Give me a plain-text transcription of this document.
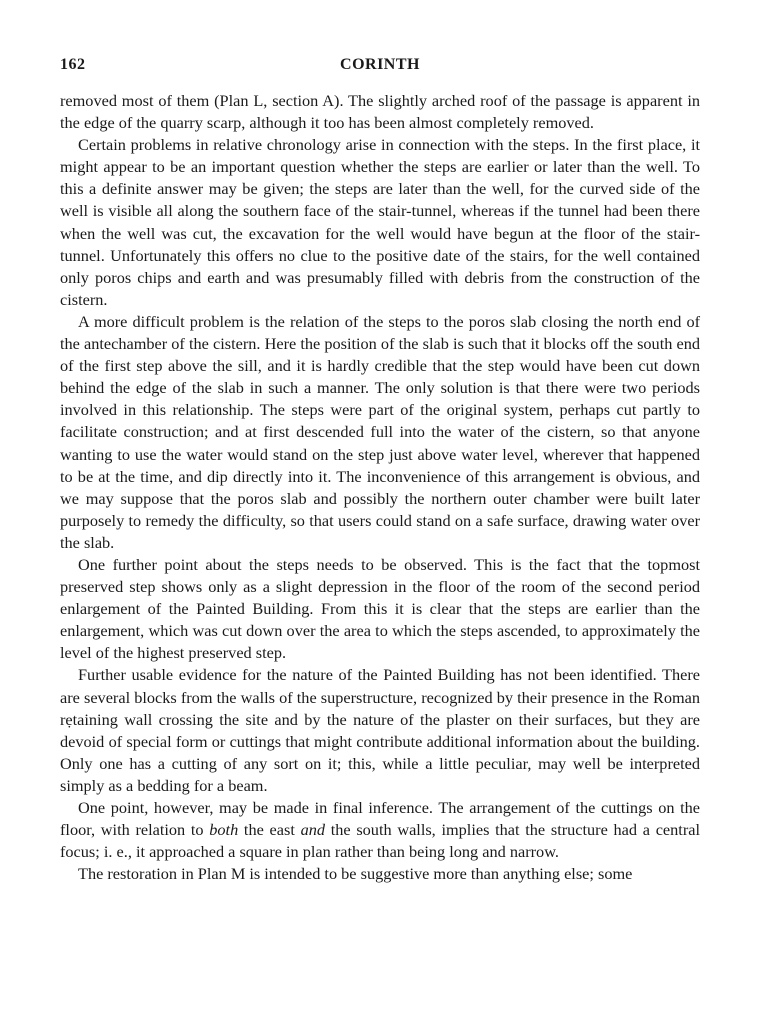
162	CORINTH

removed most of them (Plan L, section A). The slightly arched roof of the passage is apparent in the edge of the quarry scarp, although it too has been almost completely removed.

Certain problems in relative chronology arise in connection with the steps. In the first place, it might appear to be an important question whether the steps are earlier or later than the well. To this a definite answer may be given; the steps are later than the well, for the curved side of the well is visible all along the southern face of the stair-tunnel, whereas if the tunnel had been there when the well was cut, the excavation for the well would have begun at the floor of the stair-tunnel. Unfortunately this offers no clue to the positive date of the stairs, for the well contained only poros chips and earth and was presumably filled with debris from the construction of the cistern.

A more difficult problem is the relation of the steps to the poros slab closing the north end of the antechamber of the cistern. Here the position of the slab is such that it blocks off the south end of the first step above the sill, and it is hardly credible that the step would have been cut down behind the edge of the slab in such a manner. The only solution is that there were two periods involved in this relationship. The steps were part of the original system, perhaps cut partly to facilitate construction; and at first descended full into the water of the cistern, so that anyone wanting to use the water would stand on the step just above water level, wherever that happened to be at the time, and dip directly into it. The inconvenience of this arrangement is obvious, and we may suppose that the poros slab and possibly the northern outer chamber were built later purposely to remedy the difficulty, so that users could stand on a safe surface, drawing water over the slab.

One further point about the steps needs to be observed. This is the fact that the topmost preserved step shows only as a slight depression in the floor of the room of the second period enlargement of the Painted Building. From this it is clear that the steps are earlier than the enlargement, which was cut down over the area to which the steps ascended, to approximately the level of the highest preserved step.

Further usable evidence for the nature of the Painted Building has not been identified. There are several blocks from the walls of the superstructure, recognized by their presence in the Roman rẹtaining wall crossing the site and by the nature of the plaster on their surfaces, but they are devoid of special form or cuttings that might contribute additional information about the building. Only one has a cutting of any sort on it; this, while a little peculiar, may well be interpreted simply as a bedding for a beam.

One point, however, may be made in final inference. The arrangement of the cuttings on the floor, with relation to both the east and the south walls, implies that the structure had a central focus; i. e., it approached a square in plan rather than being long and narrow.

The restoration in Plan M is intended to be suggestive more than anything else; some
